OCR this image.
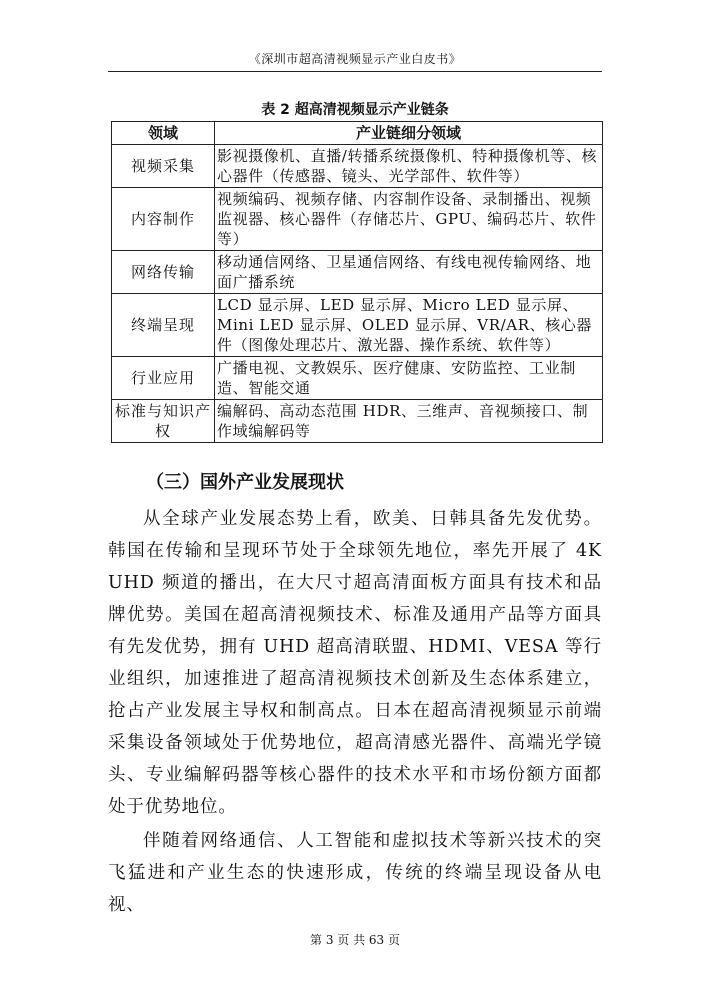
《深圳市超高清视频显示产业白皮书》
表 2 超高清视频显示产业链条
领域	产业链细分领域
视频采集	影视摄像机、直播/转播系统摄像机、特种摄像机等、核心器件（传感器、镜头、光学部件、软件等）
内容制作	视频编码、视频存储、内容制作设备、录制播出、视频监视器、核心器件（存储芯片、GPU、编码芯片、软件等）
网络传输	移动通信网络、卫星通信网络、有线电视传输网络、地面广播系统
终端呈现	LCD 显示屏、LED 显示屏、Micro LED 显示屏、Mini LED 显示屏、OLED 显示屏、VR/AR、核心器件（图像处理芯片、激光器、操作系统、软件等）
行业应用	广播电视、文教娱乐、医疗健康、安防监控、工业制造、智能交通
标准与知识产权	编解码、高动态范围 HDR、三维声、音视频接口、制作域编解码等
（三）国外产业发展现状

从全球产业发展态势上看，欧美、日韩具备先发优势。韩国在传输和呈现环节处于全球领先地位，率先开展了 4K UHD 频道的播出，在大尺寸超高清面板方面具有技术和品牌优势。美国在超高清视频技术、标准及通用产品等方面具有先发优势，拥有 UHD 超高清联盟、HDMI、VESA 等行业组织，加速推进了超高清视频技术创新及生态体系建立，抢占产业发展主导权和制高点。日本在超高清视频显示前端采集设备领域处于优势地位，超高清感光器件、高端光学镜头、专业编解码器等核心器件的技术水平和市场份额方面都处于优势地位。

伴随着网络通信、人工智能和虚拟技术等新兴技术的突飞猛进和产业生态的快速形成，传统的终端呈现设备从电视、

第 3 页 共 63 页
